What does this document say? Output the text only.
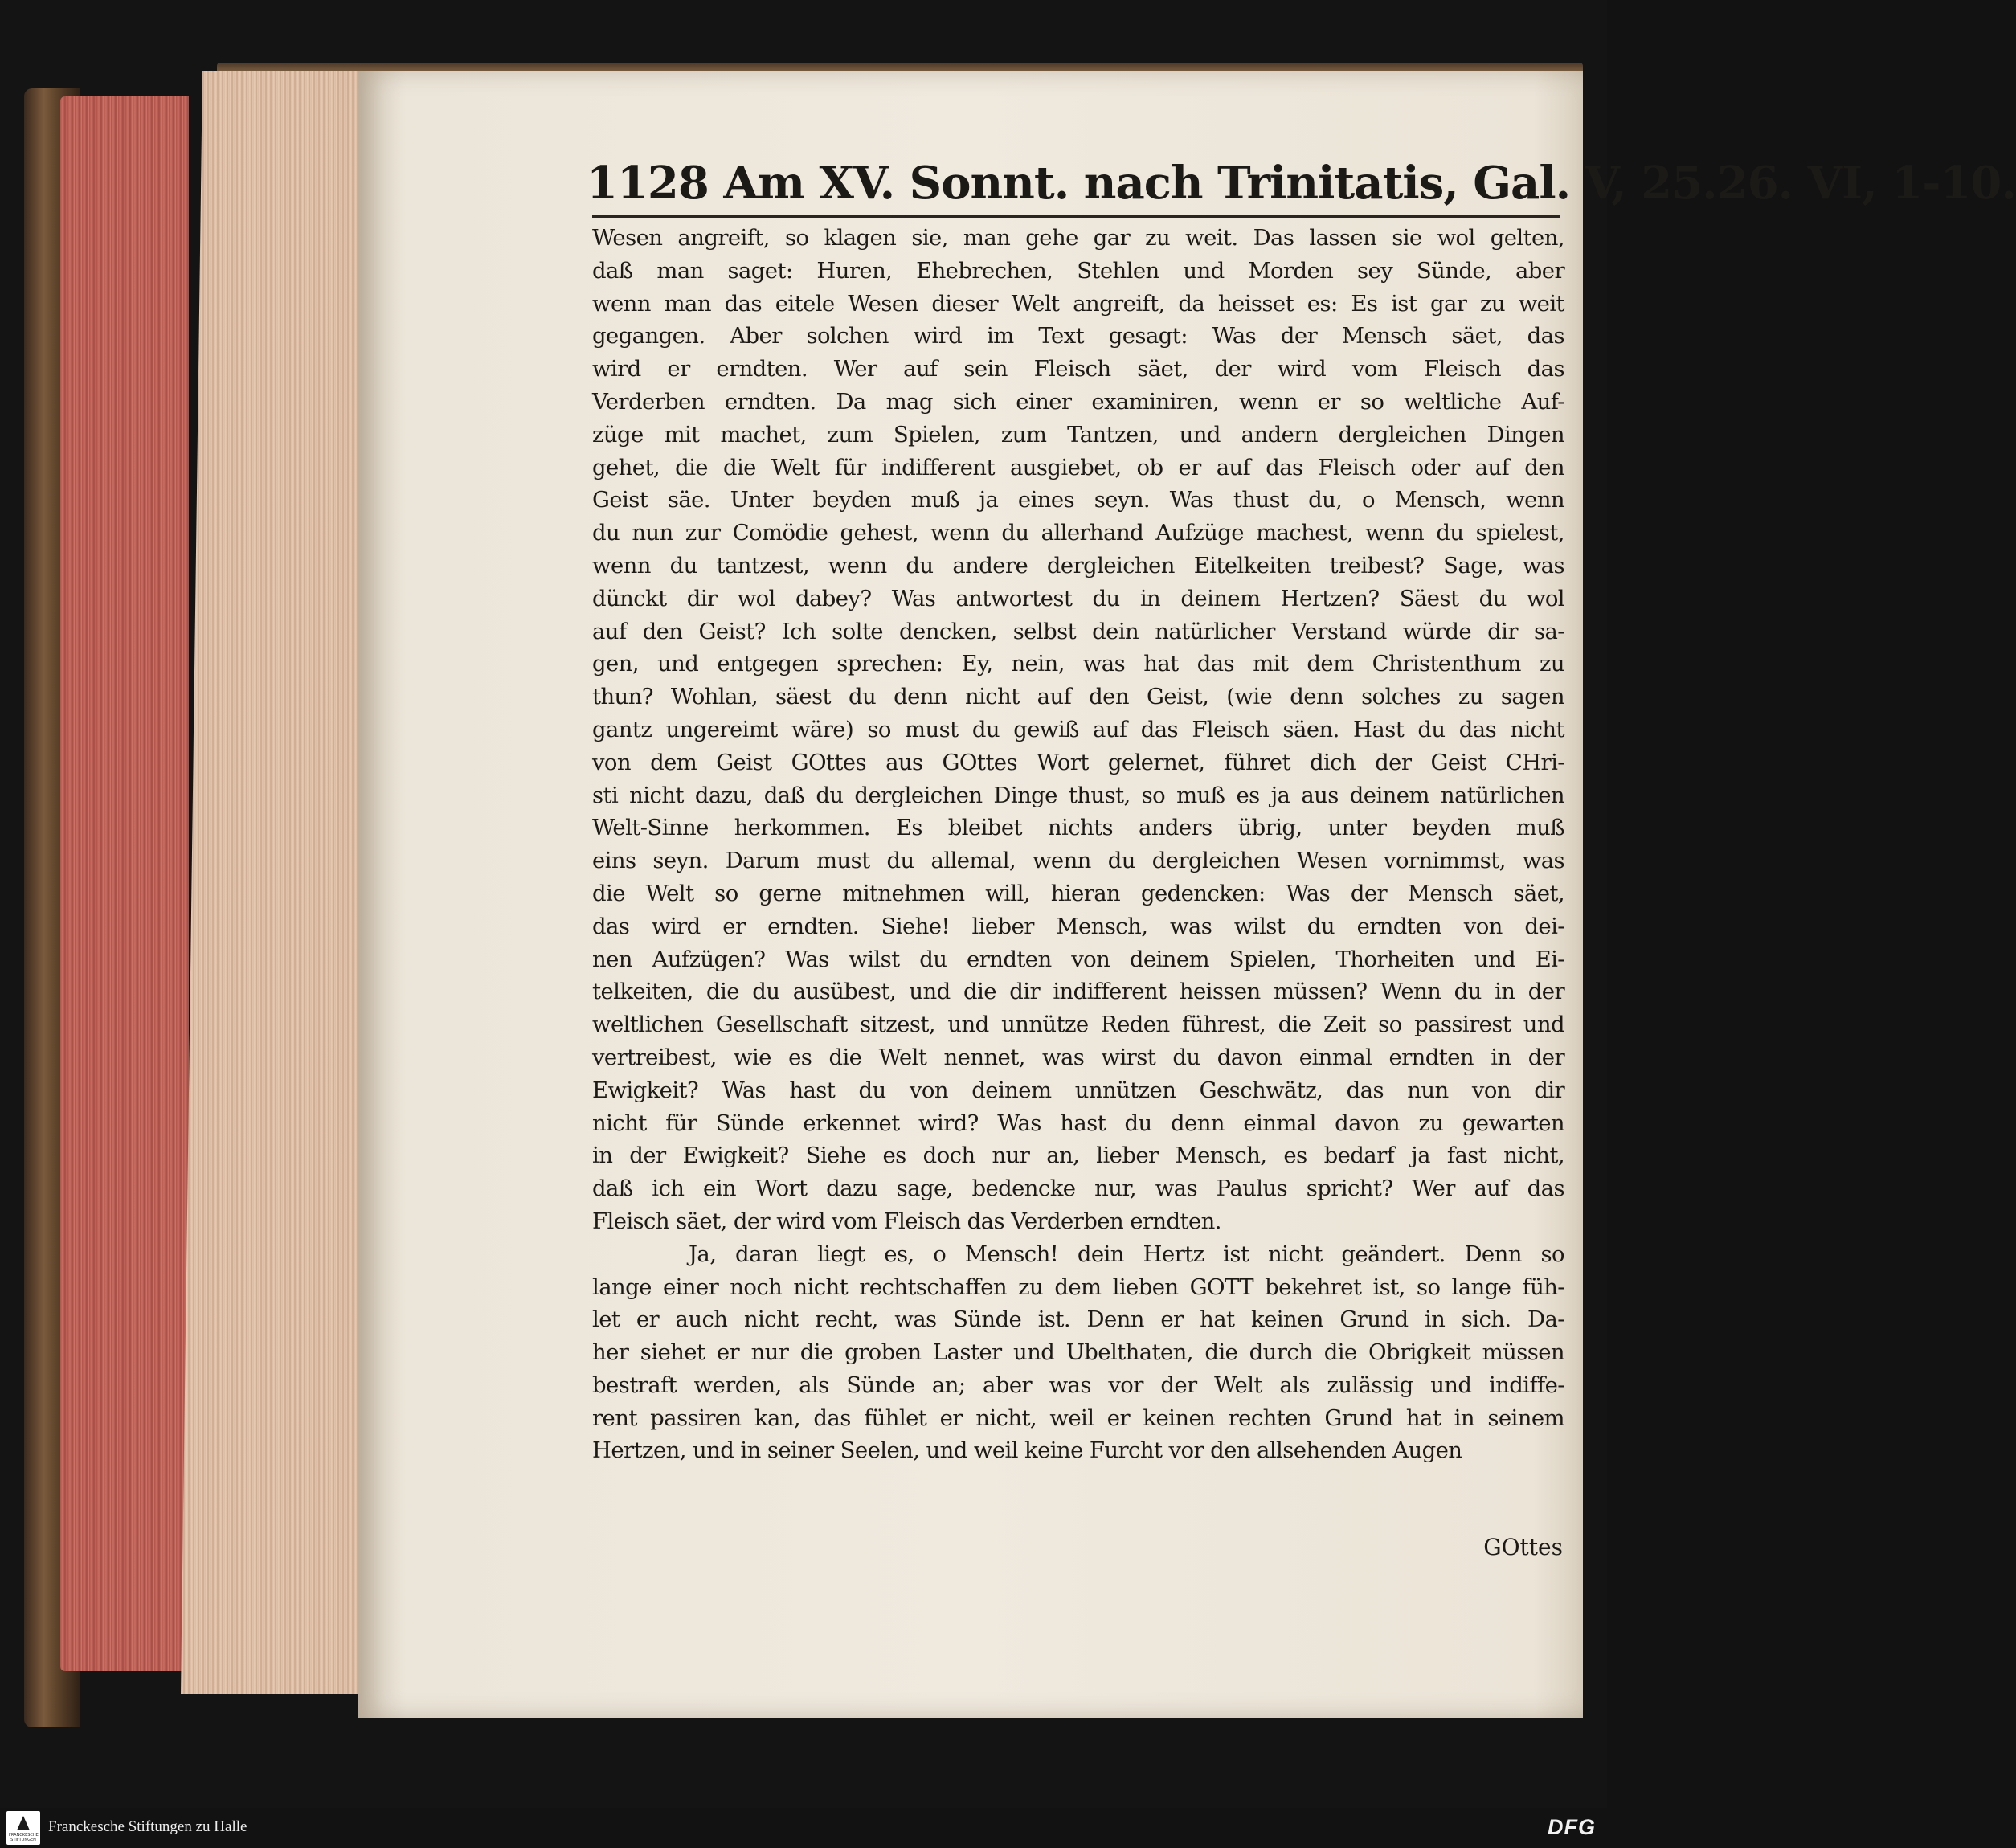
1128 Am XV. Sonnt. nach Trinitatis, Gal. V, 25.26. VI, 1-10.
Wesen angreift, so klagen sie, man gehe gar zu weit. Das lassen sie wol gelten,
daß man saget: Huren, Ehebrechen, Stehlen und Morden sey Sünde, aber
wenn man das eitele Wesen dieser Welt angreift, da heisset es: Es ist gar zu weit
gegangen. Aber solchen wird im Text gesagt: Was der Mensch säet, das
wird er erndten. Wer auf sein Fleisch säet, der wird vom Fleisch das
Verderben erndten. Da mag sich einer examiniren, wenn er so weltliche Auf-
züge mit machet, zum Spielen, zum Tantzen, und andern dergleichen Dingen
gehet, die die Welt für indifferent ausgiebet, ob er auf das Fleisch oder auf den
Geist säe. Unter beyden muß ja eines seyn. Was thust du, o Mensch, wenn
du nun zur Comödie gehest, wenn du allerhand Aufzüge machest, wenn du spielest,
wenn du tantzest, wenn du andere dergleichen Eitelkeiten treibest? Sage, was
dünckt dir wol dabey? Was antwortest du in deinem Hertzen? Säest du wol
auf den Geist? Ich solte dencken, selbst dein natürlicher Verstand würde dir sa-
gen, und entgegen sprechen: Ey, nein, was hat das mit dem Christenthum zu
thun? Wohlan, säest du denn nicht auf den Geist, (wie denn solches zu sagen
gantz ungereimt wäre) so must du gewiß auf das Fleisch säen. Hast du das nicht
von dem Geist GOttes aus GOttes Wort gelernet, führet dich der Geist CHri-
sti nicht dazu, daß du dergleichen Dinge thust, so muß es ja aus deinem natürlichen
Welt-Sinne herkommen. Es bleibet nichts anders übrig, unter beyden muß
eins seyn. Darum must du allemal, wenn du dergleichen Wesen vornimmst, was
die Welt so gerne mitnehmen will, hieran gedencken: Was der Mensch säet,
das wird er erndten. Siehe! lieber Mensch, was wilst du erndten von dei-
nen Aufzügen? Was wilst du erndten von deinem Spielen, Thorheiten und Ei-
telkeiten, die du ausübest, und die dir indifferent heissen müssen? Wenn du in der
weltlichen Gesellschaft sitzest, und unnütze Reden führest, die Zeit so passirest und
vertreibest, wie es die Welt nennet, was wirst du davon einmal erndten in der
Ewigkeit? Was hast du von deinem unnützen Geschwätz, das nun von dir
nicht für Sünde erkennet wird? Was hast du denn einmal davon zu gewarten
in der Ewigkeit? Siehe es doch nur an, lieber Mensch, es bedarf ja fast nicht,
daß ich ein Wort dazu sage, bedencke nur, was Paulus spricht? Wer auf das
Fleisch säet, der wird vom Fleisch das Verderben erndten.
Ja, daran liegt es, o Mensch! dein Hertz ist nicht geändert. Denn so
lange einer noch nicht rechtschaffen zu dem lieben GOTT bekehret ist, so lange füh-
let er auch nicht recht, was Sünde ist. Denn er hat keinen Grund in sich. Da-
her siehet er nur die groben Laster und Ubelthaten, die durch die Obrigkeit müssen
bestraft werden, als Sünde an; aber was vor der Welt als zulässig und indiffe-
rent passiren kan, das fühlet er nicht, weil er keinen rechten Grund hat in seinem
Hertzen, und in seiner Seelen, und weil keine Furcht vor den allsehenden Augen
GOttes
FRANCKESCHE STIFTUNGEN
Franckesche Stiftungen zu Halle	DFG
